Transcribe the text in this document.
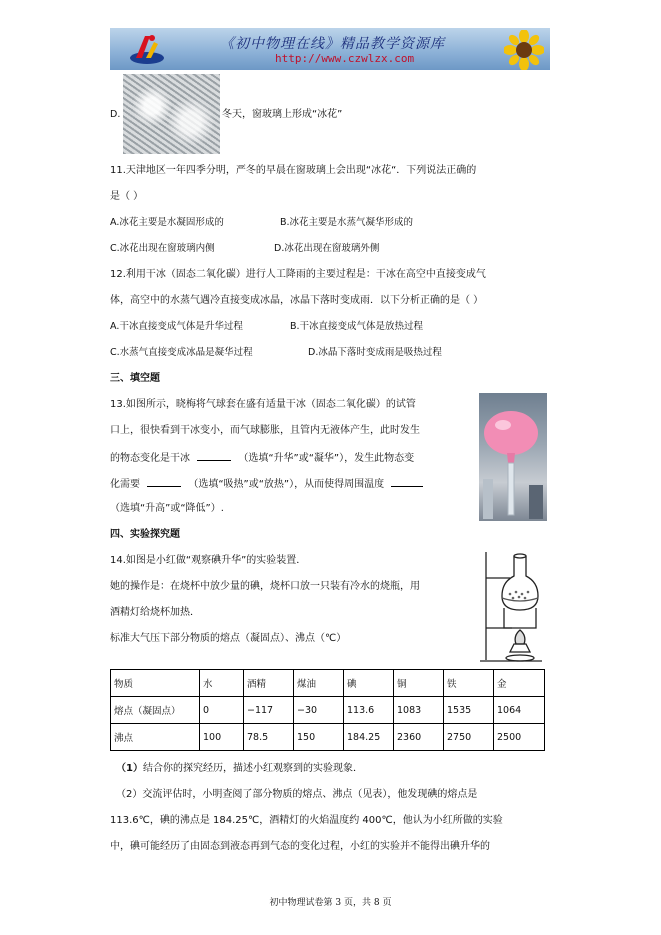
《初中物理在线》精品教学资源库
http://www.czwlzx.com
D.	冬天，窗玻璃上形成“冰花”
11.天津地区一年四季分明，严冬的早晨在窗玻璃上会出现“冰花“．下列说法正确的
是（ ）
A.冰花主要是水凝固形成的	B.冰花主要是水蒸气凝华形成的
C.冰花出现在窗玻璃内侧	D.冰花出现在窗玻璃外侧
12.利用干冰（固态二氧化碳）进行人工降雨的主要过程是：干冰在高空中直接变成气
体，高空中的水蒸气遇冷直接变成冰晶，冰晶下落时变成雨．以下分析正确的是（ ）
A.干冰直接变成气体是升华过程	B.干冰直接变成气体是放热过程
C.水蒸气直接变成冰晶是凝华过程	D.冰晶下落时变成雨是吸热过程
三、填空题
13.如图所示，晓梅将气球套在盛有适量干冰（固态二氧化碳）的试管
口上，很快看到干冰变小，而气球膨胀，且管内无液体产生，此时发生
的物态变化是干冰	（选填“升华”或“凝华”），发生此物态变
化需要	（选填“吸热”或“放热”），从而使得周围温度
（选填“升高”或“降低”）.
四、实验探究题
14.如图是小红做“观察碘升华”的实验装置．
她的操作是：在烧杯中放少量的碘，烧杯口放一只装有冷水的烧瓶，用
酒精灯给烧杯加热．
标准大气压下部分物质的熔点（凝固点）、沸点（℃）
物质	水	酒精	煤油	碘	铜	铁	金
熔点（凝固点）	0	−117	−30	113.6	1083	1535	1064
沸点	100	78.5	150	184.25	2360	2750	2500
（1）结合你的探究经历，描述小红观察到的实验现象．
（2）交流评估时，小明查阅了部分物质的熔点、沸点（见表），他发现碘的熔点是
113.6℃，碘的沸点是 184.25℃，酒精灯的火焰温度约 400℃，他认为小红所做的实验
中，碘可能经历了由固态到液态再到气态的变化过程，小红的实验并不能得出碘升华的
初中物理试卷第 3 页，共 8 页
